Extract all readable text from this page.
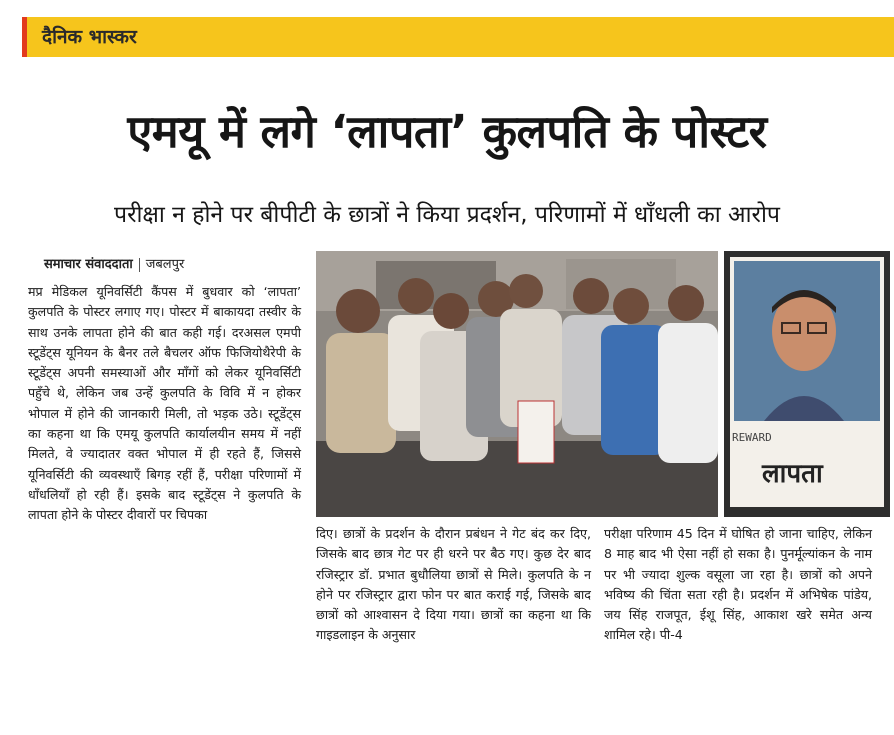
दैनिक भास्कर
एमयू में लगे ‘लापता’ कुलपति के पोस्टर
परीक्षा न होने पर बीपीटी के छात्रों ने किया प्रदर्शन, परिणामों में धाँधली का आरोप
समाचार संवाददाता जबलपुर
मप्र मेडिकल यूनिवर्सिटी कैंपस में बुधवार को ‘लापता’ कुलपति के पोस्टर लगाए गए। पोस्टर में बाकायदा तस्वीर के साथ उनके लापता होने की बात कही गई। दरअसल एमपी स्टूडेंट्स यूनियन के बैनर तले बैचलर ऑफ फिजियोथैरेपी के स्टूडेंट्स अपनी समस्याओं और माँगों को लेकर यूनिवर्सिटी पहुँचे थे, लेकिन जब उन्हें कुलपति के विवि में न होकर भोपाल में होने की जानकारी मिली, तो भड़क उठे। स्टूडेंट्स का कहना था कि एमयू कुलपति कार्यालयीन समय में नहीं मिलते, वे ज्यादातर वक्त भोपाल में ही रहते हैं, जिससे यूनिवर्सिटी की व्यवस्थाएँ बिगड़ रहीं हैं, परीक्षा परिणामों में धाँधलियाँ हो रही हैं। इसके बाद स्टूडेंट्स ने कुलपति के लापता होने के पोस्टर दीवारों पर चिपका
REWARD
लापता
दिए। छात्रों के प्रदर्शन के दौरान प्रबंधन ने गेट बंद कर दिए, जिसके बाद छात्र गेट पर ही धरने पर बैठ गए। कुछ देर बाद रजिस्ट्रार डॉ. प्रभात बुधौलिया छात्रों से मिले। कुलपति के न होने पर रजिस्ट्रार द्वारा फोन पर बात कराई गई, जिसके बाद छात्रों को आश्वासन दे दिया गया। छात्रों का कहना था कि गाइडलाइन के अनुसार
परीक्षा परिणाम 45 दिन में घोषित हो जाना चाहिए, लेकिन 8 माह बाद भी ऐसा नहीं हो सका है। पुनर्मूल्यांकन के नाम पर भी ज्यादा शुल्क वसूला जा रहा है। छात्रों को अपने भविष्य की चिंता सता रही है। प्रदर्शन में अभिषेक पांडेय, जय सिंह राजपूत, ईशू सिंह, आकाश खरे समेत अन्य शामिल रहे। पी-4
